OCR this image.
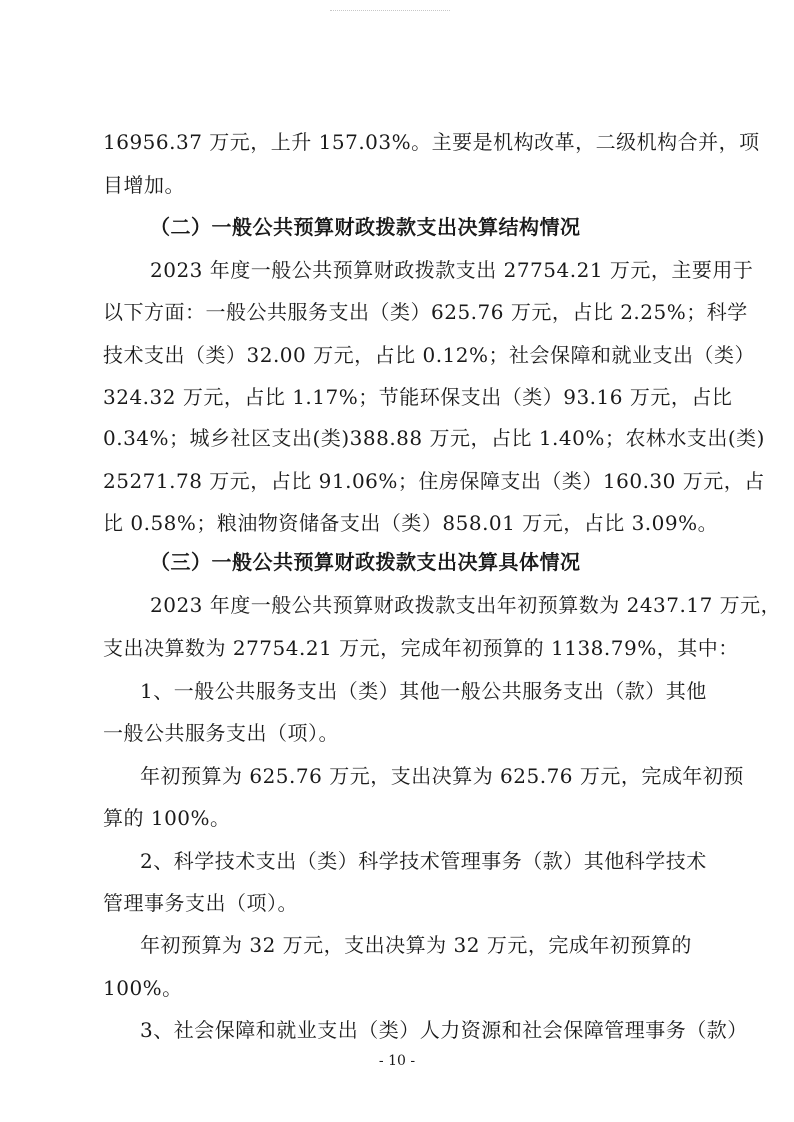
16956.37 万元，上升 157.03%。主要是机构改革，二级机构合并，项
目增加。
（二）一般公共预算财政拨款支出决算结构情况
2023 年度一般公共预算财政拨款支出 27754.21 万元，主要用于
以下方面：一般公共服务支出（类）625.76 万元，占比 2.25%；科学
技术支出（类）32.00 万元，占比 0.12%；社会保障和就业支出（类）
324.32 万元，占比 1.17%；节能环保支出（类）93.16 万元，占比
0.34%；城乡社区支出(类)388.88 万元，占比 1.40%；农林水支出(类)
25271.78 万元，占比 91.06%；住房保障支出（类）160.30 万元，占
比 0.58%；粮油物资储备支出（类）858.01 万元，占比 3.09%。
（三）一般公共预算财政拨款支出决算具体情况
2023 年度一般公共预算财政拨款支出年初预算数为 2437.17 万元，
支出决算数为 27754.21 万元，完成年初预算的 1138.79%，其中：
1、一般公共服务支出（类）其他一般公共服务支出（款）其他
一般公共服务支出（项）。
年初预算为 625.76 万元，支出决算为 625.76 万元，完成年初预
算的 100%。
2、科学技术支出（类）科学技术管理事务（款）其他科学技术
管理事务支出（项）。
年初预算为 32 万元，支出决算为 32 万元，完成年初预算的
100%。
3、社会保障和就业支出（类）人力资源和社会保障管理事务（款）
- 10 -
